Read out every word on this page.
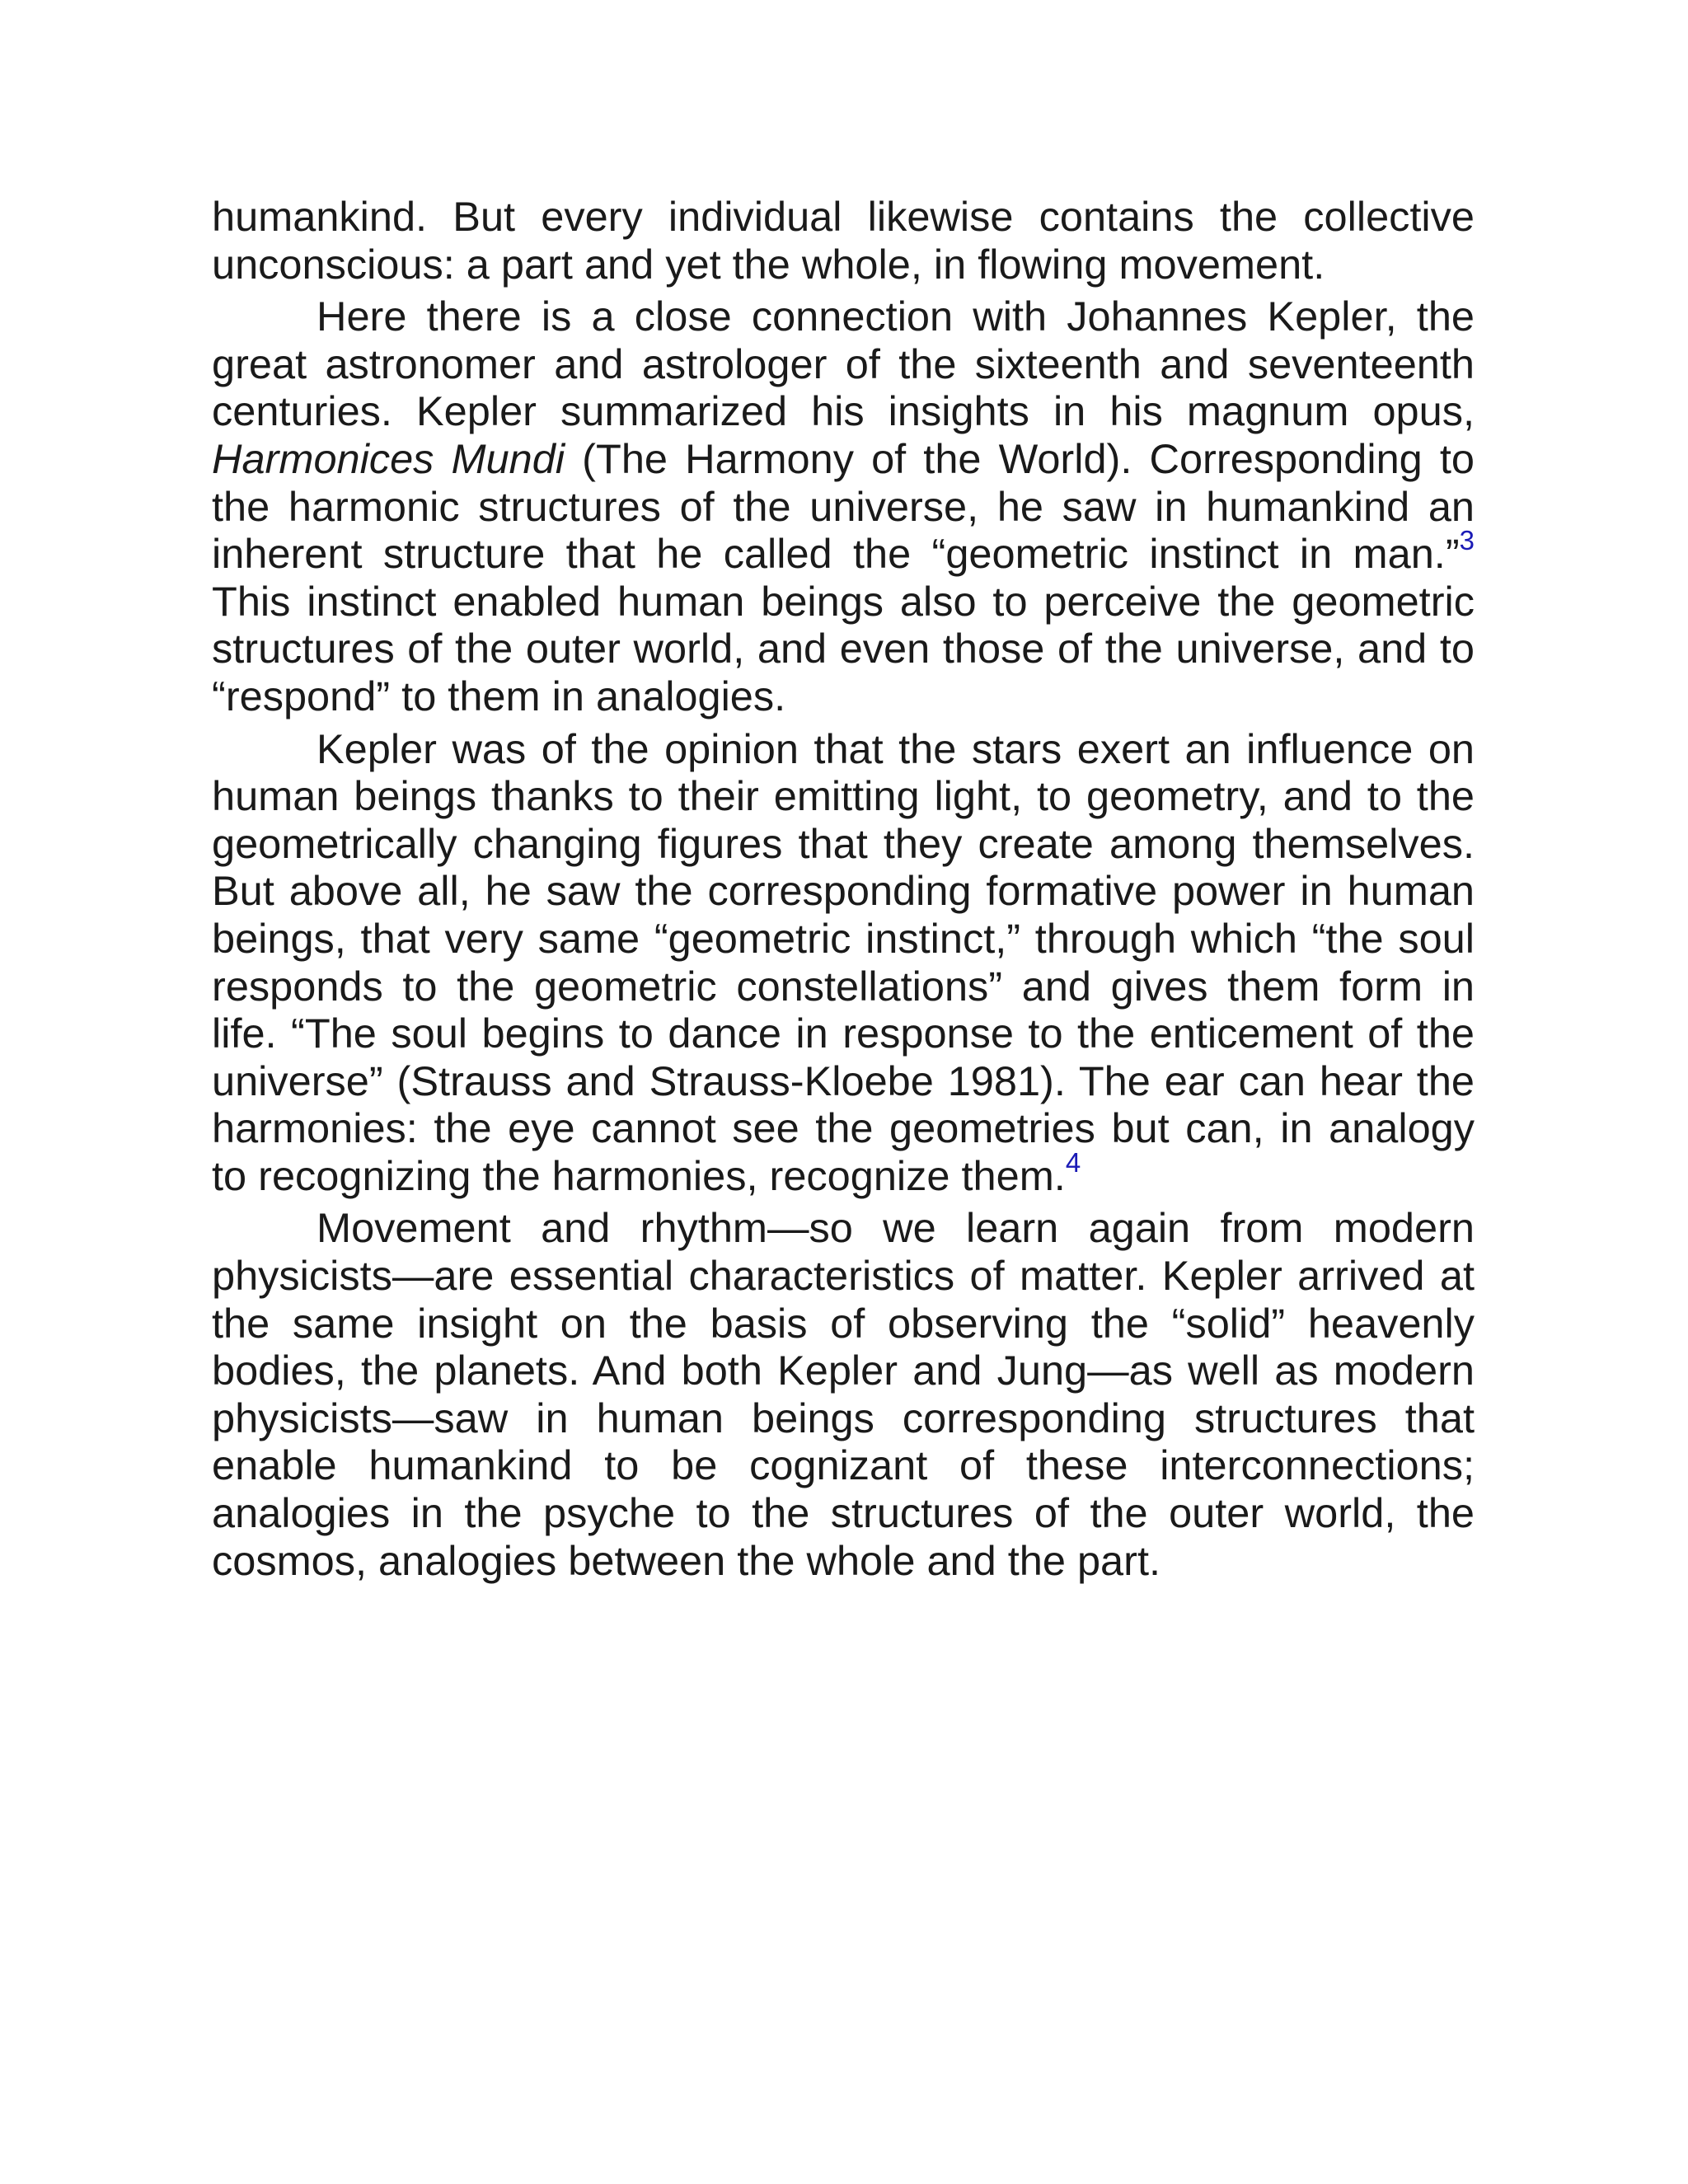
humankind. But every individual likewise contains the collective unconscious: a part and yet the whole, in flowing movement.

Here there is a close connection with Johannes Kepler, the great astronomer and astrologer of the sixteenth and seventeenth centuries. Kepler summarized his insights in his magnum opus, Harmonices Mundi (The Harmony of the World). Corresponding to the harmonic structures of the universe, he saw in humankind an inherent structure that he called the “geometric instinct in man.”$^3$ This instinct enabled human beings also to perceive the geometric structures of the outer world, and even those of the universe, and to “respond” to them in analogies.

Kepler was of the opinion that the stars exert an influence on human beings thanks to their emitting light, to geometry, and to the geometrically changing figures that they create among themselves. But above all, he saw the corresponding formative power in human beings, that very same “geometric instinct,” through which “the soul responds to the geometric constellations” and gives them form in life. “The soul begins to dance in response to the enticement of the universe” (Strauss and Strauss-Kloebe 1981). The ear can hear the harmonies: the eye cannot see the geometries but can, in analogy to recognizing the harmonies, recognize them.$^4$

Movement and rhythm—so we learn again from modern physicists—are essential characteristics of matter. Kepler arrived at the same insight on the basis of observing the “solid” heavenly bodies, the planets. And both Kepler and Jung—as well as modern physicists—saw in human beings corresponding structures that enable humankind to be cognizant of these interconnections; analogies in the psyche to the structures of the outer world, the cosmos, analogies between the whole and the part.
